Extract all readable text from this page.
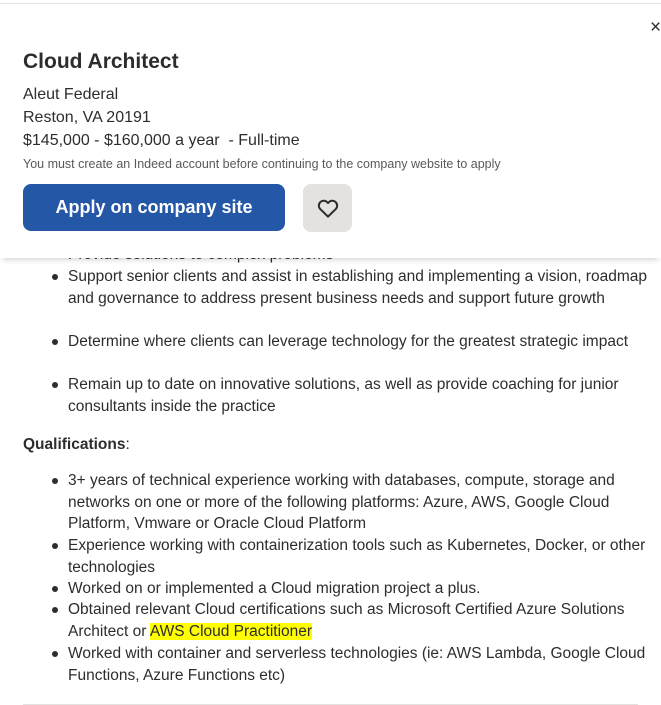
×
Cloud Architect
Aleut Federal
Reston, VA 20191
$145,000 - $160,000 a year  - Full-time
You must create an Indeed account before continuing to the company website to apply
Apply on company site
Support senior clients and assist in establishing and implementing a vision, roadmap and governance to address present business needs and support future growth
Determine where clients can leverage technology for the greatest strategic impact
Remain up to date on innovative solutions, as well as provide coaching for junior consultants inside the practice
Qualifications:
3+ years of technical experience working with databases, compute, storage and networks on one or more of the following platforms: Azure, AWS, Google Cloud Platform, Vmware or Oracle Cloud Platform
Experience working with containerization tools such as Kubernetes, Docker, or other technologies
Worked on or implemented a Cloud migration project a plus.
Obtained relevant Cloud certifications such as Microsoft Certified Azure Solutions Architect or AWS Cloud Practitioner
Worked with container and serverless technologies (ie: AWS Lambda, Google Cloud Functions, Azure Functions etc)
